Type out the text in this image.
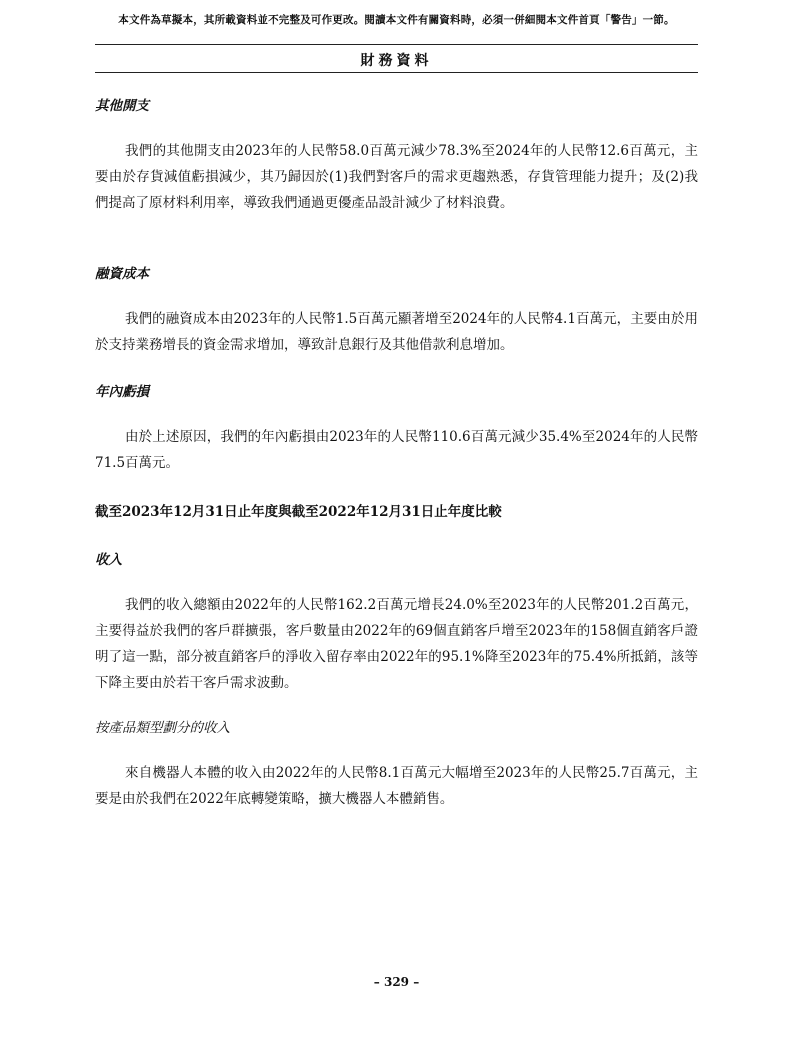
本文件為草擬本，其所載資料並不完整及可作更改。閱讀本文件有關資料時，必須一併細閱本文件首頁「警告」一節。
財務資料
其他開支

我們的其他開支由2023年的人民幣58.0百萬元減少78.3%至2024年的人民幣12.6百萬元，主要由於存貨減值虧損減少，其乃歸因於(1)我們對客戶的需求更趨熟悉，存貨管理能力提升；及(2)我們提高了原材料利用率，導致我們通過更優產品設計減少了材料浪費。

融資成本

我們的融資成本由2023年的人民幣1.5百萬元顯著增至2024年的人民幣4.1百萬元，主要由於用於支持業務增長的資金需求增加，導致計息銀行及其他借款利息增加。

年內虧損

由於上述原因，我們的年內虧損由2023年的人民幣110.6百萬元減少35.4%至2024年的人民幣71.5百萬元。

截至2023年12月31日止年度與截至2022年12月31日止年度比較
收入

我們的收入總額由2022年的人民幣162.2百萬元增長24.0%至2023年的人民幣201.2百萬元，主要得益於我們的客戶群擴張，客戶數量由2022年的69個直銷客戶增至2023年的158個直銷客戶證明了這一點，部分被直銷客戶的淨收入留存率由2022年的95.1%降至2023年的75.4%所抵銷，該等下降主要由於若干客戶需求波動。

按產品類型劃分的收入

來自機器人本體的收入由2022年的人民幣8.1百萬元大幅增至2023年的人民幣25.7百萬元，主要是由於我們在2022年底轉變策略，擴大機器人本體銷售。

– 329 –
